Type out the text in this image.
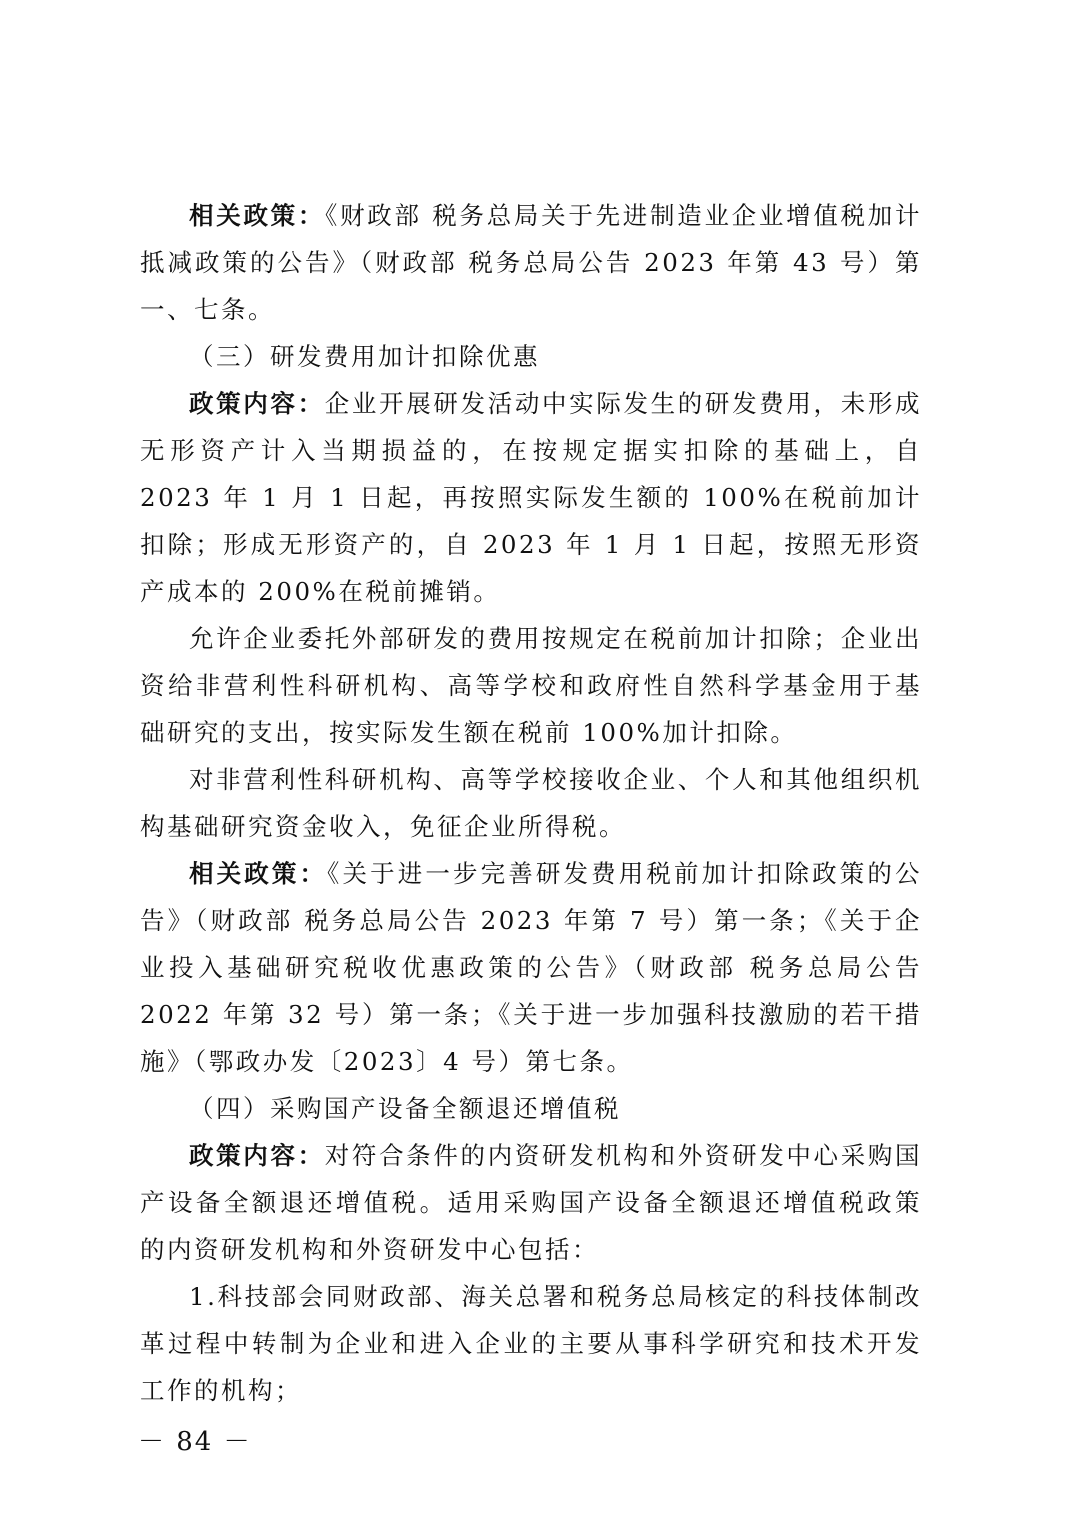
相关政策：《财政部 税务总局关于先进制造业企业增值税加计抵减政策的公告》（财政部 税务总局公告 2023 年第 43 号）第一、七条。

（三）研发费用加计扣除优惠

政策内容：企业开展研发活动中实际发生的研发费用，未形成无形资产计入当期损益的，在按规定据实扣除的基础上，自 2023 年 1 月 1 日起，再按照实际发生额的 100%在税前加计扣除；形成无形资产的，自 2023 年 1 月 1 日起，按照无形资产成本的 200%在税前摊销。

允许企业委托外部研发的费用按规定在税前加计扣除；企业出资给非营利性科研机构、高等学校和政府性自然科学基金用于基础研究的支出，按实际发生额在税前 100%加计扣除。

对非营利性科研机构、高等学校接收企业、个人和其他组织机构基础研究资金收入，免征企业所得税。

相关政策：《关于进一步完善研发费用税前加计扣除政策的公告》（财政部 税务总局公告 2023 年第 7 号）第一条；《关于企业投入基础研究税收优惠政策的公告》（财政部 税务总局公告 2022 年第 32 号）第一条；《关于进一步加强科技激励的若干措施》（鄂政办发〔2023〕4 号）第七条。

（四）采购国产设备全额退还增值税

政策内容：对符合条件的内资研发机构和外资研发中心采购国产设备全额退还增值税。适用采购国产设备全额退还增值税政策的内资研发机构和外资研发中心包括：

1.科技部会同财政部、海关总署和税务总局核定的科技体制改革过程中转制为企业和进入企业的主要从事科学研究和技术开发工作的机构；

－ 84 －
